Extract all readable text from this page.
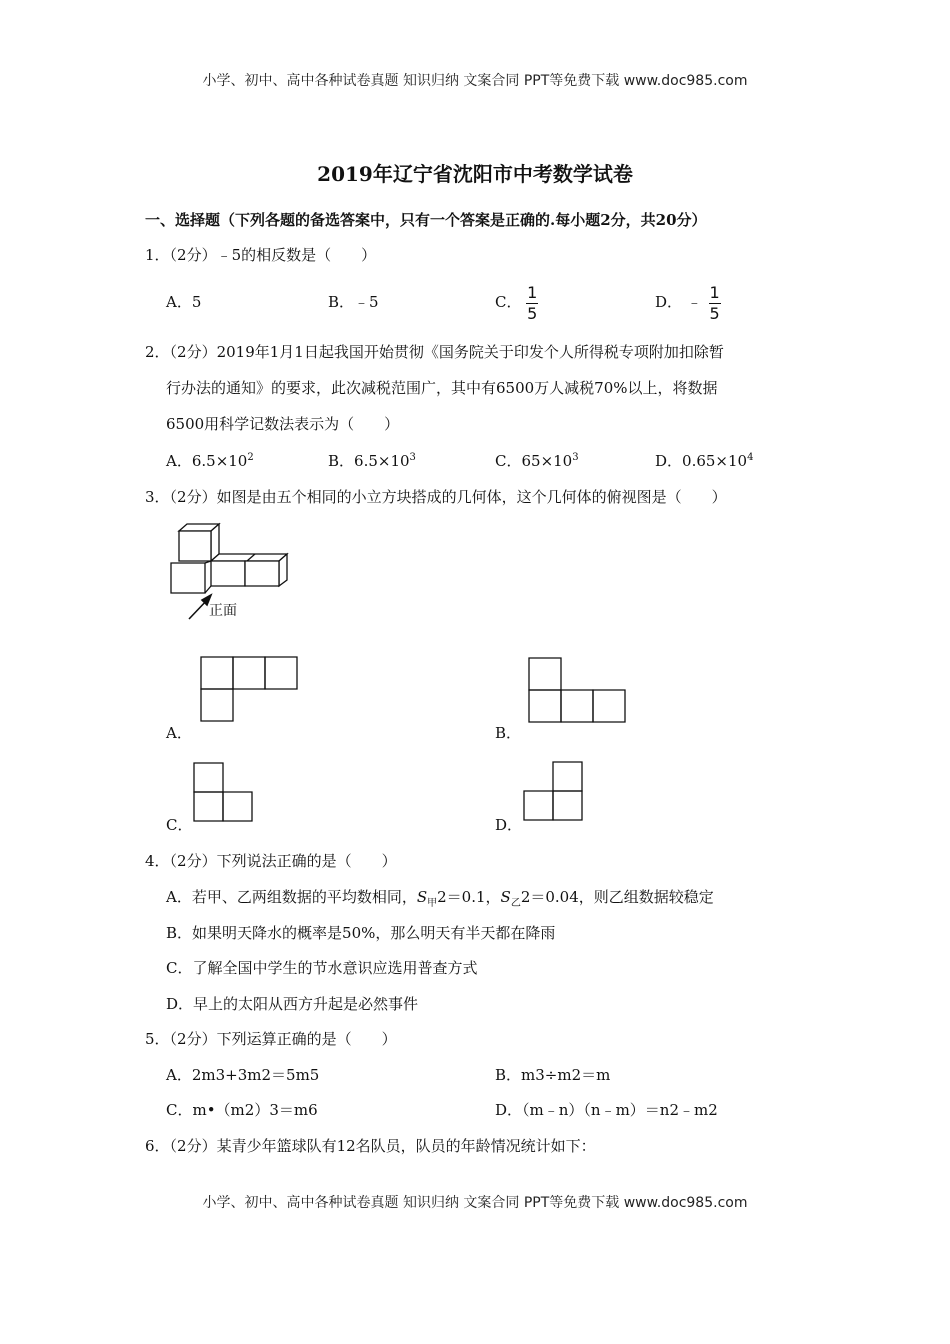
小学、初中、高中各种试卷真题 知识归纳 文案合同 PPT等免费下载 www.doc985.com
2019年辽宁省沈阳市中考数学试卷
一、选择题（下列各题的备选答案中，只有一个答案是正确的.每小题2分，共20分）
1．（2分）﹣5的相反数是（　　）
A．5	B．﹣5	C． $\frac{1}{5}$	D． ﹣ $\frac{1}{5}$
2．（2分）2019年1月1日起我国开始贯彻《国务院关于印发个人所得税专项附加扣除暂
行办法的通知》的要求，此次减税范围广，其中有6500万人减税70%以上，将数据
6500用科学记数法表示为（　　）
A．$6.5\times 10^2$	B．$6.5\times 10^3$	C．$65\times 10^3$	D．$0.65\times 10^4$
3．（2分）如图是由五个相同的小立方块搭成的几何体，这个几何体的俯视图是（　　）
正面
A．	B．
C．	D．
4．（2分）下列说法正确的是（　　）
A．若甲、乙两组数据的平均数相同，$S_甲2=0.1$，$S_乙2=0.04$，则乙组数据较稳定
B．如果明天降水的概率是50%，那么明天有半天都在降雨
C．了解全国中学生的节水意识应选用普查方式
D．早上的太阳从西方升起是必然事件
5．（2分）下列运算正确的是（　　）
A．2m3+3m2＝5m5	B．m3÷m2＝m
C．m•（m2）3＝m6	D．（m﹣n）（n﹣m）＝n2﹣m2
6．（2分）某青少年篮球队有12名队员，队员的年龄情况统计如下：
小学、初中、高中各种试卷真题 知识归纳 文案合同 PPT等免费下载 www.doc985.com
